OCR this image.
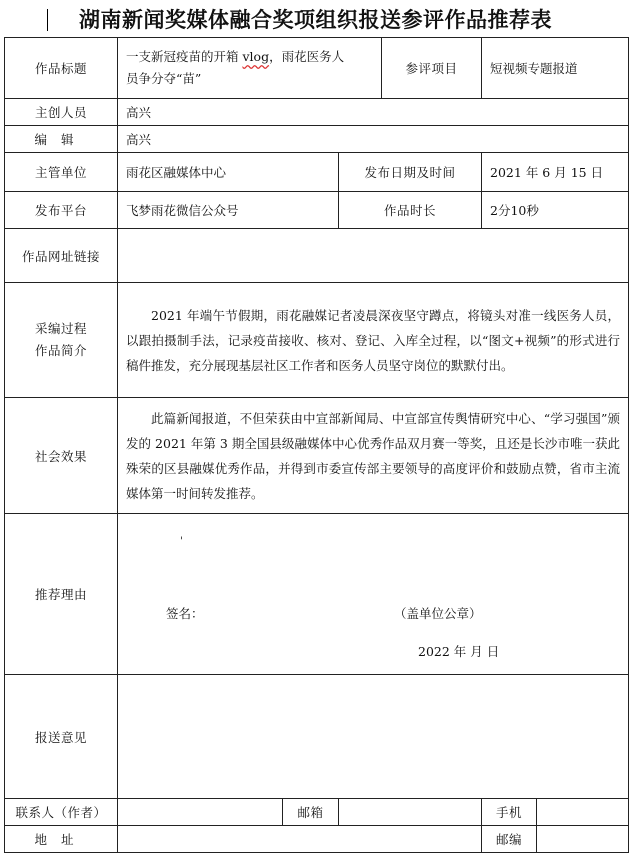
湖南新闻奖媒体融合奖项组织报送参评作品推荐表
作品标题	一支新冠疫苗的开箱 vlog，雨花医务人
员争分夺“苗”			参评项目	短视频专题报道	
主创人员	高兴					
编辑	高兴					
主管单位	雨花区融媒体中心		发布日期及时间		2021 年 6 月 15 日	
发布平台	飞梦雨花微信公众号		作品时长		2分10秒	
作品网址链接						
采编过程
作品简介	2021 年端午节假期，雨花融媒记者凌晨深夜坚守蹲点，将镜头对准一线医务人员，以跟拍摄制手法，记录疫苗接收、核对、登记、入库全过程，以“图文+视频”的形式进行稿件推发，充分展现基层社区工作者和医务人员坚守岗位的默默付出。					
社会效果	此篇新闻报道，不但荣获由中宣部新闻局、中宣部宣传舆情研究中心、“学习强国”颁发的 2021 年第 3 期全国县级融媒体中心优秀作品双月赛一等奖，且还是长沙市唯一获此殊荣的区县融媒优秀作品，并得到市委宣传部主要领导的高度评价和鼓励点赞，省市主流媒体第一时间转发推荐。					
推荐理由	'
签名： （盖单位公章）
2022 年 月 日					

报送意见						
联系人（作者）		邮箱			手机	
地址					邮编	
